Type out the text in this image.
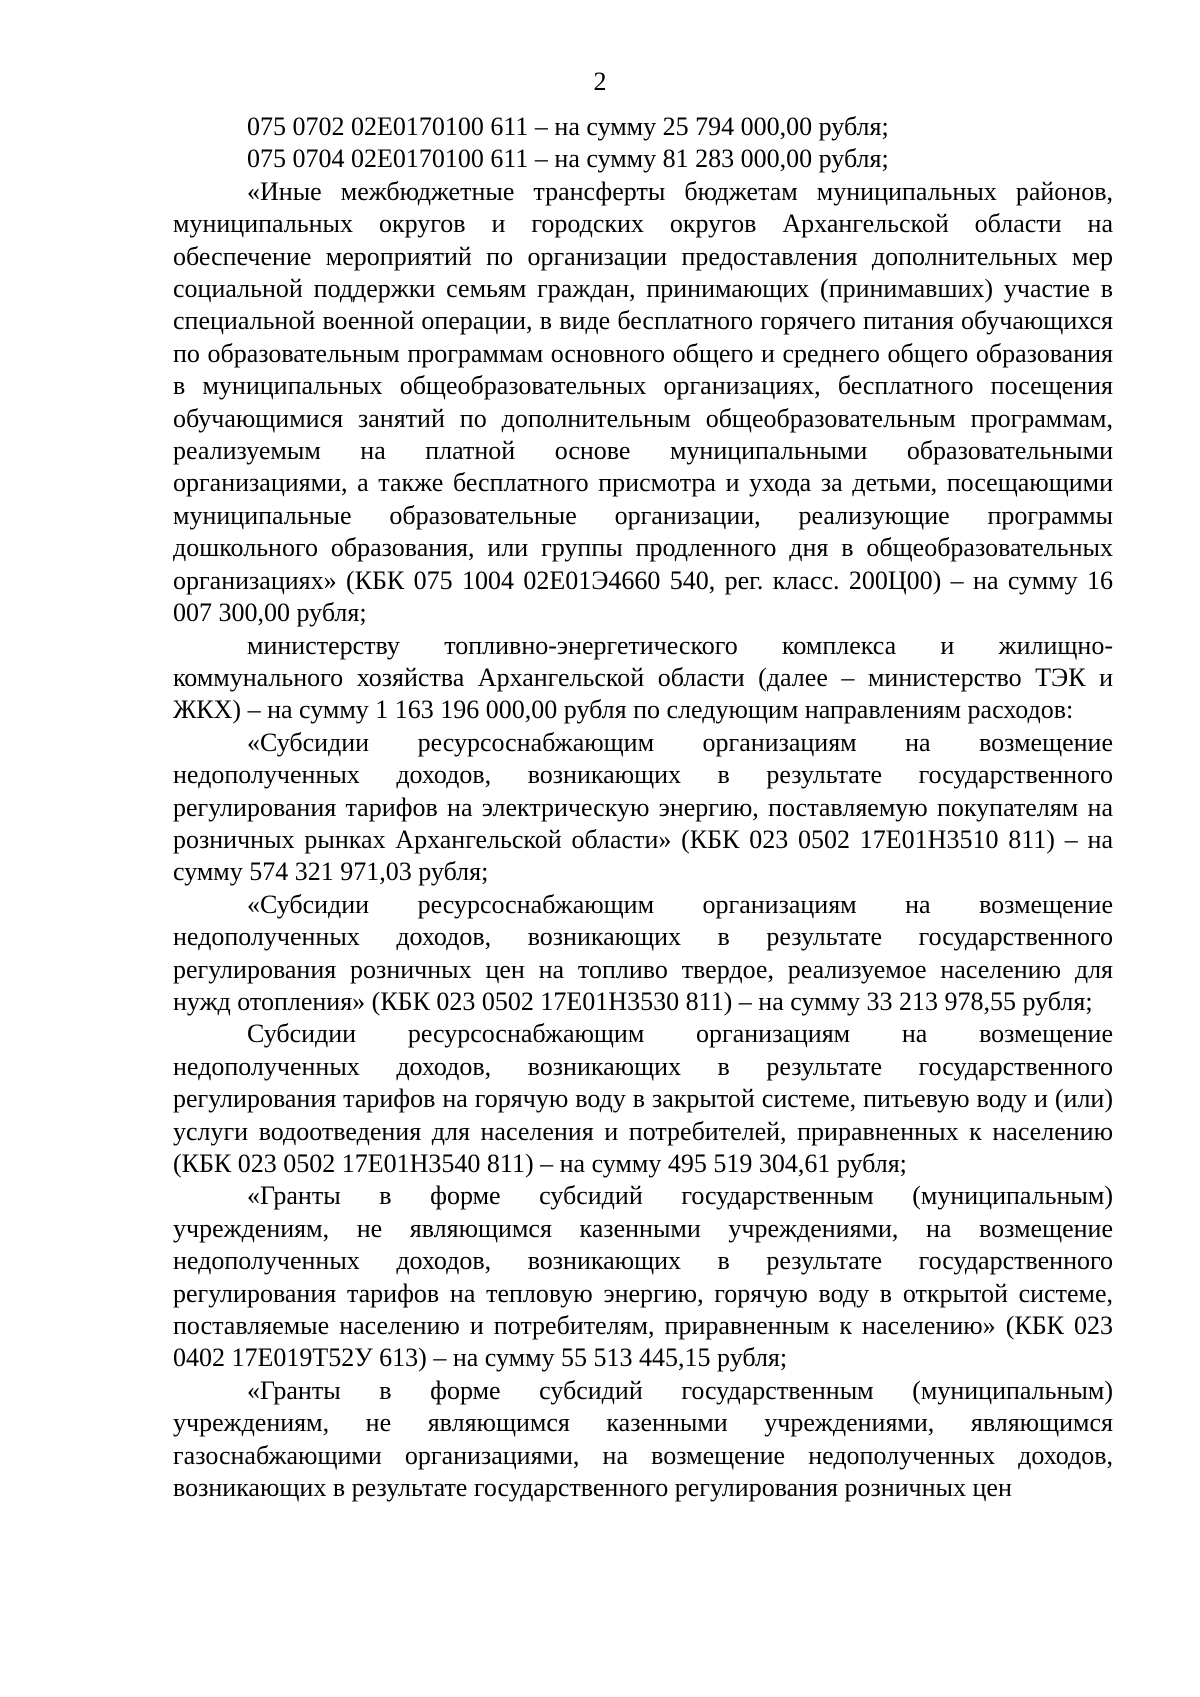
2

075 0702 02Е0170100 611 – на сумму 25 794 000,00 рубля;

075 0704 02Е0170100 611 – на сумму 81 283 000,00 рубля;

«Иные межбюджетные трансферты бюджетам муниципальных районов, муниципальных округов и городских округов Архангельской области на обеспечение мероприятий по организации предоставления дополнительных мер социальной поддержки семьям граждан, принимающих (принимавших) участие в специальной военной операции, в виде бесплатного горячего питания обучающихся по образовательным программам основного общего и среднего общего образования в муниципальных общеобразовательных организациях, бесплатного посещения обучающимися занятий по дополнительным общеобразовательным программам, реализуемым на платной основе муниципальными образовательными организациями, а также бесплатного присмотра и ухода за детьми, посещающими муниципальные образовательные организации, реализующие программы дошкольного образования, или группы продленного дня в общеобразовательных организациях» (КБК 075 1004 02Е01Э4660 540, рег. класс. 200Ц00) – на сумму 16 007 300,00 рубля;

министерству топливно-энергетического комплекса и жилищно-коммунального хозяйства Архангельской области (далее – министерство ТЭК и ЖКХ) – на сумму 1 163 196 000,00 рубля по следующим направлениям расходов:

«Субсидии ресурсоснабжающим организациям на возмещение недополученных доходов, возникающих в результате государственного регулирования тарифов на электрическую энергию, поставляемую покупателям на розничных рынках Архангельской области» (КБК 023 0502 17Е01Н3510 811) – на сумму 574 321 971,03 рубля;

«Субсидии ресурсоснабжающим организациям на возмещение недополученных доходов, возникающих в результате государственного регулирования розничных цен на топливо твердое, реализуемое населению для нужд отопления» (КБК 023 0502 17Е01Н3530 811) – на сумму 33 213 978,55 рубля;

Субсидии ресурсоснабжающим организациям на возмещение недополученных доходов, возникающих в результате государственного регулирования тарифов на горячую воду в закрытой системе, питьевую воду и (или) услуги водоотведения для населения и потребителей, приравненных к населению (КБК 023 0502 17Е01Н3540 811) – на сумму 495 519 304,61 рубля;

«Гранты в форме субсидий государственным (муниципальным) учреждениям, не являющимся казенными учреждениями, на возмещение недополученных доходов, возникающих в результате государственного регулирования тарифов на тепловую энергию, горячую воду в открытой системе, поставляемые населению и потребителям, приравненным к населению» (КБК 023 0402 17Е019Т52У 613) – на сумму 55 513 445,15 рубля;

«Гранты в форме субсидий государственным (муниципальным) учреждениям, не являющимся казенными учреждениями, являющимся газоснабжающими организациями, на возмещение недополученных доходов, возникающих в результате государственного регулирования розничных цен
